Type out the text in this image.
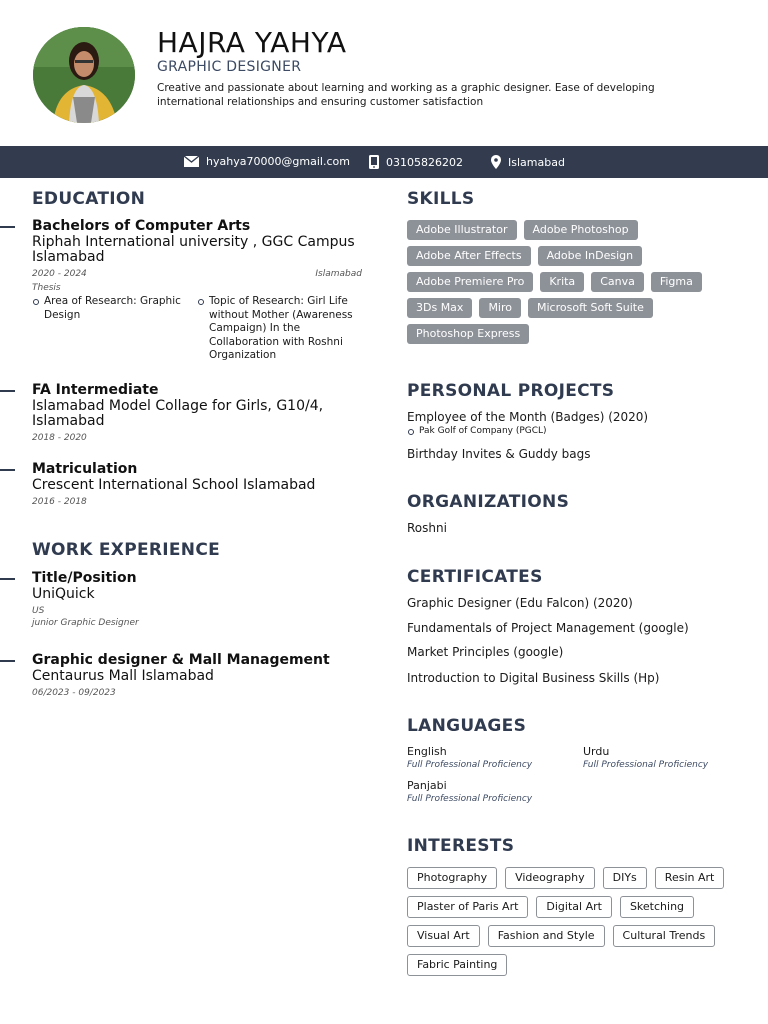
HAJRA YAHYA
GRAPHIC DESIGNER
Creative and passionate about learning and working as a graphic designer. Ease of developing international relationships and ensuring customer satisfaction
hyahya70000@gmail.com	03105826202	Islamabad
EDUCATION
Bachelors of Computer Arts
Riphah International university , GGC Campus Islamabad
2020 - 2024	Islamabad
Thesis
Area of Research: Graphic Design
Topic of Research: Girl Life without Mother (Awareness Campaign) In the Collaboration with Roshni Organization
FA Intermediate
Islamabad Model Collage for Girls, G10/4, Islamabad
2018 - 2020
Matriculation
Crescent International School Islamabad
2016 - 2018
WORK EXPERIENCE
Title/Position
UniQuick
US
junior Graphic Designer
Graphic designer & Mall Management
Centaurus Mall Islamabad
06/2023 - 09/2023
SKILLS
Adobe Illustrator	Adobe Photoshop
Adobe After Effects	Adobe InDesign
Adobe Premiere Pro	Krita	Canva	Figma
3Ds Max	Miro	Microsoft Soft Suite
Photoshop Express
PERSONAL PROJECTS
Employee of the Month (Badges) (2020)
Pak Golf of Company (PGCL)
Birthday Invites & Guddy bags
ORGANIZATIONS
Roshni
CERTIFICATES
Graphic Designer (Edu Falcon) (2020)
Fundamentals of Project Management (google)
Market Principles (google)
Introduction to Digital Business Skills (Hp)
LANGUAGES
English
Full Professional Proficiency
Urdu
Full Professional Proficiency
Panjabi
Full Professional Proficiency
INTERESTS
Photography	Videography	DIYs	Resin Art
Plaster of Paris Art	Digital Art	Sketching
Visual Art	Fashion and Style	Cultural Trends
Fabric Painting
